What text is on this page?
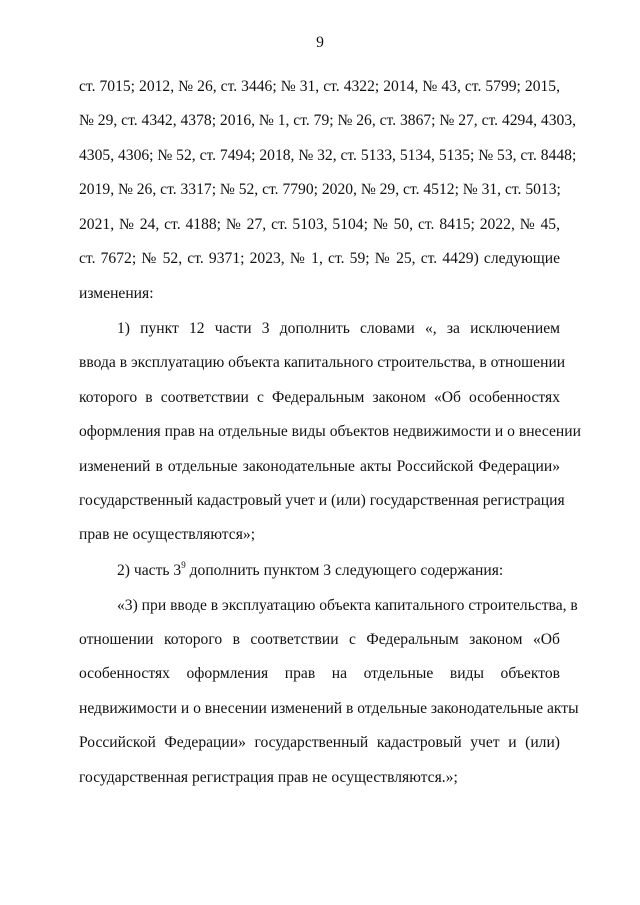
9
ст. 7015; 2012, № 26, ст. 3446; № 31, ст. 4322; 2014, № 43, ст. 5799; 2015,
№ 29, ст. 4342, 4378; 2016, № 1, ст. 79; № 26, ст. 3867; № 27, ст. 4294, 4303,
4305, 4306; № 52, ст. 7494; 2018, № 32, ст. 5133, 5134, 5135; № 53, ст. 8448;
2019, № 26, ст. 3317; № 52, ст. 7790; 2020, № 29, ст. 4512; № 31, ст. 5013;
2021, № 24, ст. 4188; № 27, ст. 5103, 5104; № 50, ст. 8415; 2022, № 45,
ст. 7672; № 52, ст. 9371; 2023, № 1, ст. 59; № 25, ст. 4429) следующие
изменения:
1) пункт 12 части 3 дополнить словами «, за исключением
ввода в эксплуатацию объекта капитального строительства, в отношении
которого в соответствии с Федеральным законом «Об особенностях
оформления прав на отдельные виды объектов недвижимости и о внесении
изменений в отдельные законодательные акты Российской Федерации»
государственный кадастровый учет и (или) государственная регистрация
прав не осуществляются»;
2) часть $3^9$ дополнить пунктом 3 следующего содержания:
«3) при вводе в эксплуатацию объекта капитального строительства, в
отношении которого в соответствии с Федеральным законом «Об
особенностях оформления прав на отдельные виды объектов
недвижимости и о внесении изменений в отдельные законодательные акты
Российской Федерации» государственный кадастровый учет и (или)
государственная регистрация прав не осуществляются.»;
